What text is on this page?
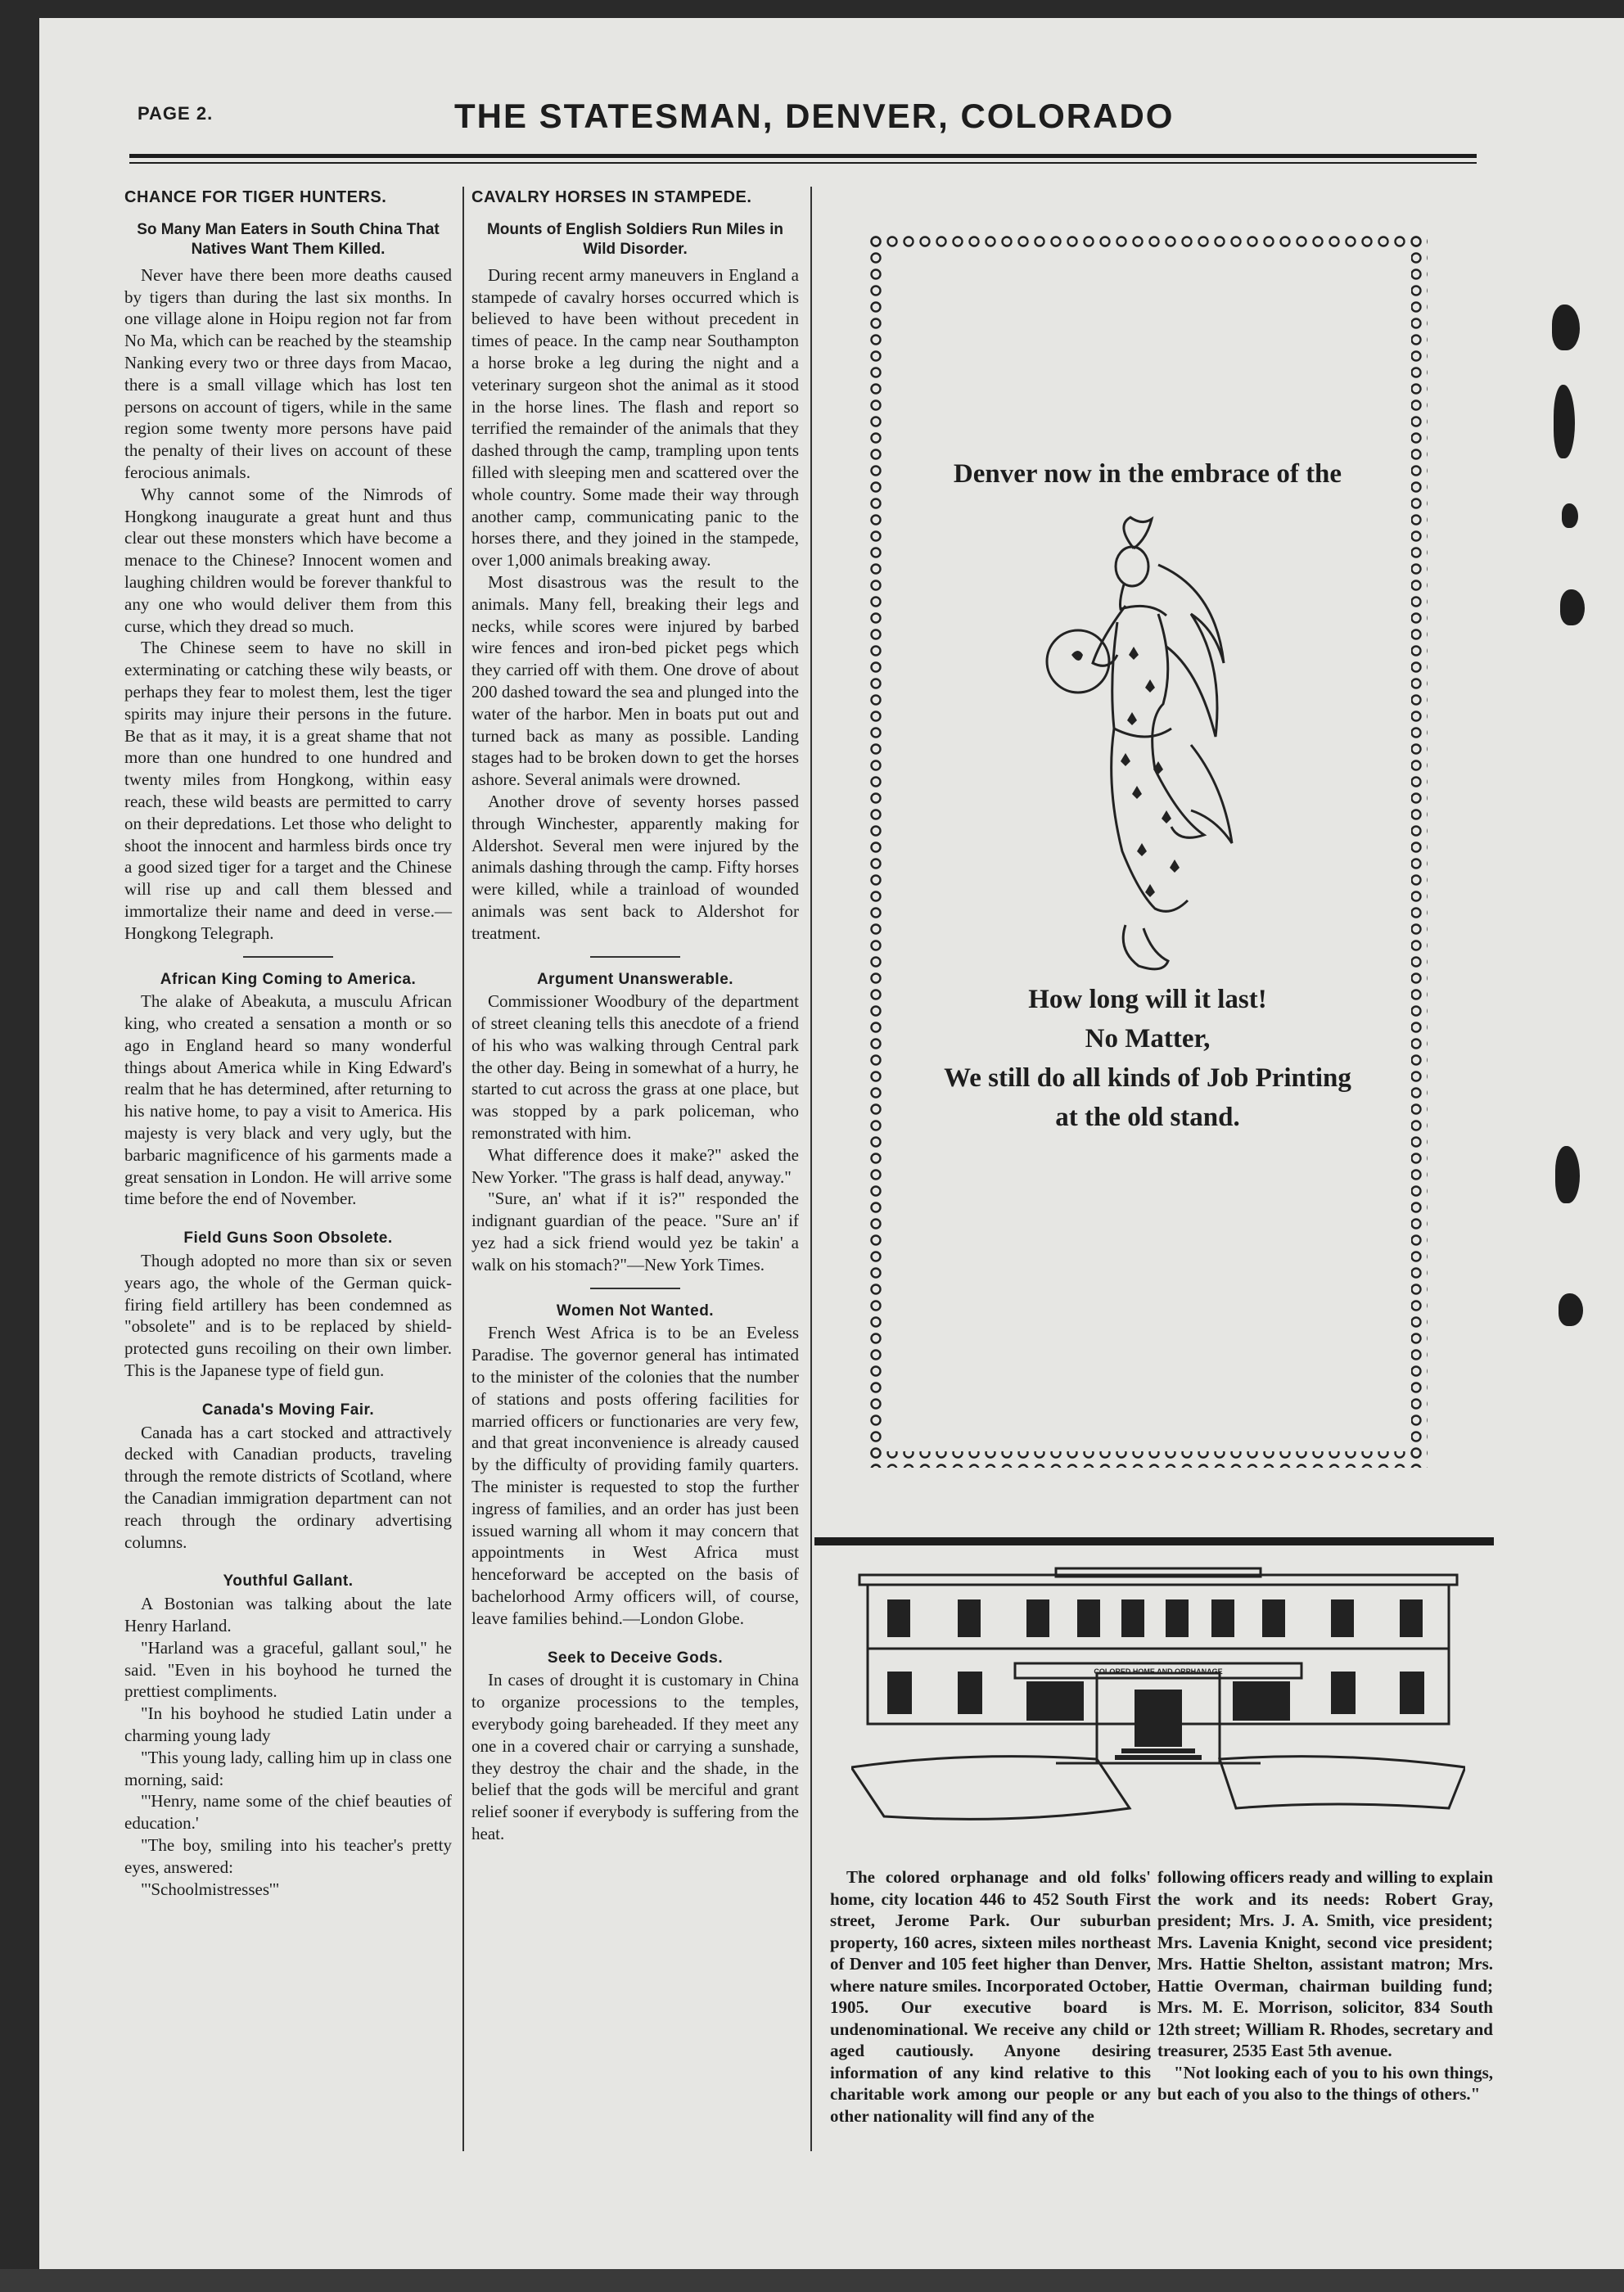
PAGE 2.	THE STATESMAN, DENVER, COLORADO
CHANCE FOR TIGER HUNTERS.
So Many Man Eaters in South China That Natives Want Them Killed.

Never have there been more deaths caused by tigers than during the last six months. In one village alone in Hoipu region not far from No Ma, which can be reached by the steamship Nanking every two or three days from Macao, there is a small village which has lost ten persons on account of tigers, while in the same region some twenty more persons have paid the penalty of their lives on account of these ferocious animals.

Why cannot some of the Nimrods of Hongkong inaugurate a great hunt and thus clear out these monsters which have become a menace to the Chinese? Innocent women and laughing children would be forever thankful to any one who would deliver them from this curse, which they dread so much.

The Chinese seem to have no skill in exterminating or catching these wily beasts, or perhaps they fear to molest them, lest the tiger spirits may injure their persons in the future. Be that as it may, it is a great shame that not more than one hundred to one hundred and twenty miles from Hongkong, within easy reach, these wild beasts are permitted to carry on their depredations. Let those who delight to shoot the innocent and harmless birds once try a good sized tiger for a target and the Chinese will rise up and call them blessed and immortalize their name and deed in verse.—Hongkong Telegraph.

African King Coming to America.

The alake of Abeakuta, a musculu African king, who created a sensation a month or so ago in England heard so many wonderful things about America while in King Edward's realm that he has determined, after returning to his native home, to pay a visit to America. His majesty is very black and very ugly, but the barbaric magnificence of his garments made a great sensation in London. He will arrive some time before the end of November.

Field Guns Soon Obsolete.

Though adopted no more than six or seven years ago, the whole of the German quick-firing field artillery has been condemned as "obsolete" and is to be replaced by shield-protected guns recoiling on their own limber. This is the Japanese type of field gun.

Canada's Moving Fair.

Canada has a cart stocked and attractively decked with Canadian products, traveling through the remote districts of Scotland, where the Canadian immigration department can not reach through the ordinary advertising columns.

Youthful Gallant.

A Bostonian was talking about the late Henry Harland.

"Harland was a graceful, gallant soul," he said. "Even in his boyhood he turned the prettiest compliments.

"In his boyhood he studied Latin under a charming young lady

"This young lady, calling him up in class one morning, said:

"'Henry, name some of the chief beauties of education.'

"The boy, smiling into his teacher's pretty eyes, answered:

"'Schoolmistresses'"

CAVALRY HORSES IN STAMPEDE.
Mounts of English Soldiers Run Miles in Wild Disorder.

During recent army maneuvers in England a stampede of cavalry horses occurred which is believed to have been without precedent in times of peace. In the camp near Southampton a horse broke a leg during the night and a veterinary surgeon shot the animal as it stood in the horse lines. The flash and report so terrified the remainder of the animals that they dashed through the camp, trampling upon tents filled with sleeping men and scattered over the whole country. Some made their way through another camp, communicating panic to the horses there, and they joined in the stampede, over 1,000 animals breaking away.

Most disastrous was the result to the animals. Many fell, breaking their legs and necks, while scores were injured by barbed wire fences and iron-bed picket pegs which they carried off with them. One drove of about 200 dashed toward the sea and plunged into the water of the harbor. Men in boats put out and turned back as many as possible. Landing stages had to be broken down to get the horses ashore. Several animals were drowned.

Another drove of seventy horses passed through Winchester, apparently making for Aldershot. Several men were injured by the animals dashing through the camp. Fifty horses were killed, while a trainload of wounded animals was sent back to Aldershot for treatment.

Argument Unanswerable.

Commissioner Woodbury of the department of street cleaning tells this anecdote of a friend of his who was walking through Central park the other day. Being in somewhat of a hurry, he started to cut across the grass at one place, but was stopped by a park policeman, who remonstrated with him.

What difference does it make?" asked the New Yorker. "The grass is half dead, anyway."

"Sure, an' what if it is?" responded the indignant guardian of the peace. "Sure an' if yez had a sick friend would yez be takin' a walk on his stomach?"—New York Times.

Women Not Wanted.

French West Africa is to be an Eveless Paradise. The governor general has intimated to the minister of the colonies that the number of stations and posts offering facilities for married officers or functionaries are very few, and that great inconvenience is already caused by the difficulty of providing family quarters. The minister is requested to stop the further ingress of families, and an order has just been issued warning all whom it may concern that appointments in West Africa must henceforward be accepted on the basis of bachelorhood Army officers will, of course, leave families behind.—London Globe.

Seek to Deceive Gods.

In cases of drought it is customary in China to organize processions to the temples, everybody going bareheaded. If they meet any one in a covered chair or carrying a sunshade, they destroy the chair and the shade, in the belief that the gods will be merciful and grant relief sooner if everybody is suffering from the heat.

Denver now in the embrace of the
How long will it last!
No Matter,
We still do all kinds of Job Printing
at the old stand.
COLORED HOME AND ORPHANAGE

The colored orphanage and old folks' home, city location 446 to 452 South First street, Jerome Park. Our suburban property, 160 acres, sixteen miles northeast of Denver and 105 feet higher than Denver, where nature smiles. Incorporated October, 1905. Our executive board is undenominational. We receive any child or aged cautiously. Anyone desiring information of any kind relative to this charitable work among our people or any other nationality will find any of the

following officers ready and willing to explain the work and its needs: Robert Gray, president; Mrs. J. A. Smith, vice president; Mrs. Lavenia Knight, second vice president; Mrs. Hattie Shelton, assistant matron; Mrs. Hattie Overman, chairman building fund; Mrs. M. E. Morrison, solicitor, 834 South 12th street; William R. Rhodes, secretary and treasurer, 2535 East 5th avenue.

"Not looking each of you to his own things, but each of you also to the things of others."
